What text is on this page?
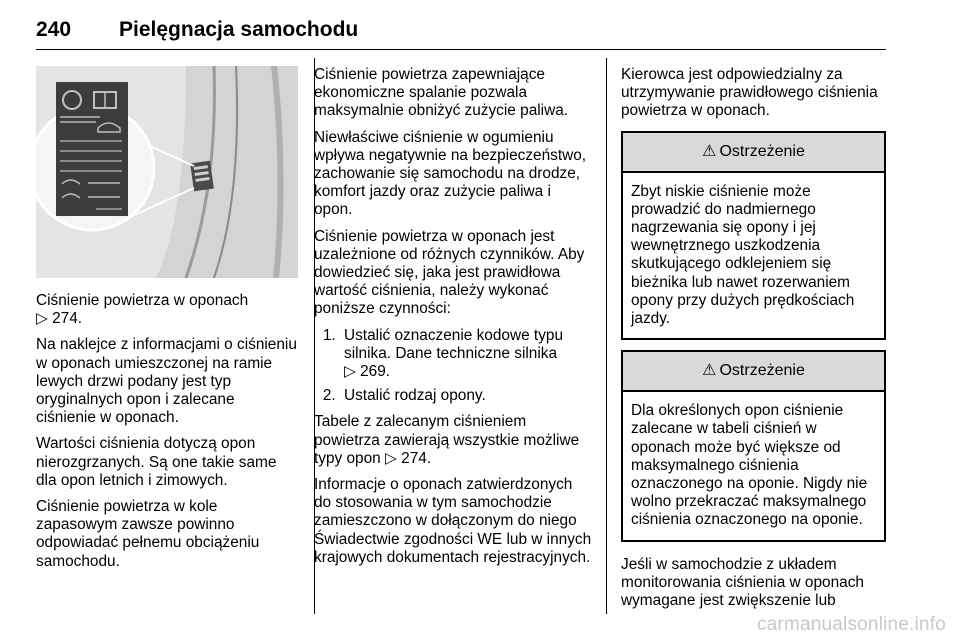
240 Pielęgnacja samochodu

Ciśnienie powietrza w oponach
▷ 274.

Na naklejce z informacjami o ciśnieniu w oponach umieszczonej na ramie lewych drzwi podany jest typ oryginalnych opon i zalecane ciśnienie w oponach.

Wartości ciśnienia dotyczą opon nierozgrzanych. Są one takie same dla opon letnich i zimowych.

Ciśnienie powietrza w kole zapasowym zawsze powinno odpowiadać pełnemu obciążeniu samochodu.

Ciśnienie powietrza zapewniające ekonomiczne spalanie pozwala maksymalnie obniżyć zużycie paliwa.

Niewłaściwe ciśnienie w ogumieniu wpływa negatywnie na bezpieczeństwo, zachowanie się samochodu na drodze, komfort jazdy oraz zużycie paliwa i opon.

Ciśnienie powietrza w oponach jest uzależnione od różnych czynników. Aby dowiedzieć się, jaka jest prawidłowa wartość ciśnienia, należy wykonać poniższe czynności:

1. Ustalić oznaczenie kodowe typu silnika. Dane techniczne silnika
▷ 269.
2. Ustalić rodzaj opony.

Tabele z zalecanym ciśnieniem powietrza zawierają wszystkie możliwe typy opon ▷ 274.

Informacje o oponach zatwierdzonych do stosowania w tym samochodzie zamieszczono w dołączonym do niego Świadectwie zgodności WE lub w innych krajowych dokumentach rejestracyjnych.

Kierowca jest odpowiedzialny za utrzymywanie prawidłowego ciśnienia powietrza w oponach.

⚠ Ostrzeżenie
Zbyt niskie ciśnienie może prowadzić do nadmiernego nagrzewania się opony i jej wewnętrznego uszkodzenia skutkującego odklejeniem się bieżnika lub nawet rozerwaniem opony przy dużych prędkościach jazdy.
⚠ Ostrzeżenie
Dla określonych opon ciśnienie zalecane w tabeli ciśnień w oponach może być większe od maksymalnego ciśnienia oznaczonego na oponie. Nigdy nie wolno przekraczać maksymalnego ciśnienia oznaczonego na oponie.

Jeśli w samochodzie z układem monitorowania ciśnienia w oponach wymagane jest zwiększenie lub

carmanualsonline.info
